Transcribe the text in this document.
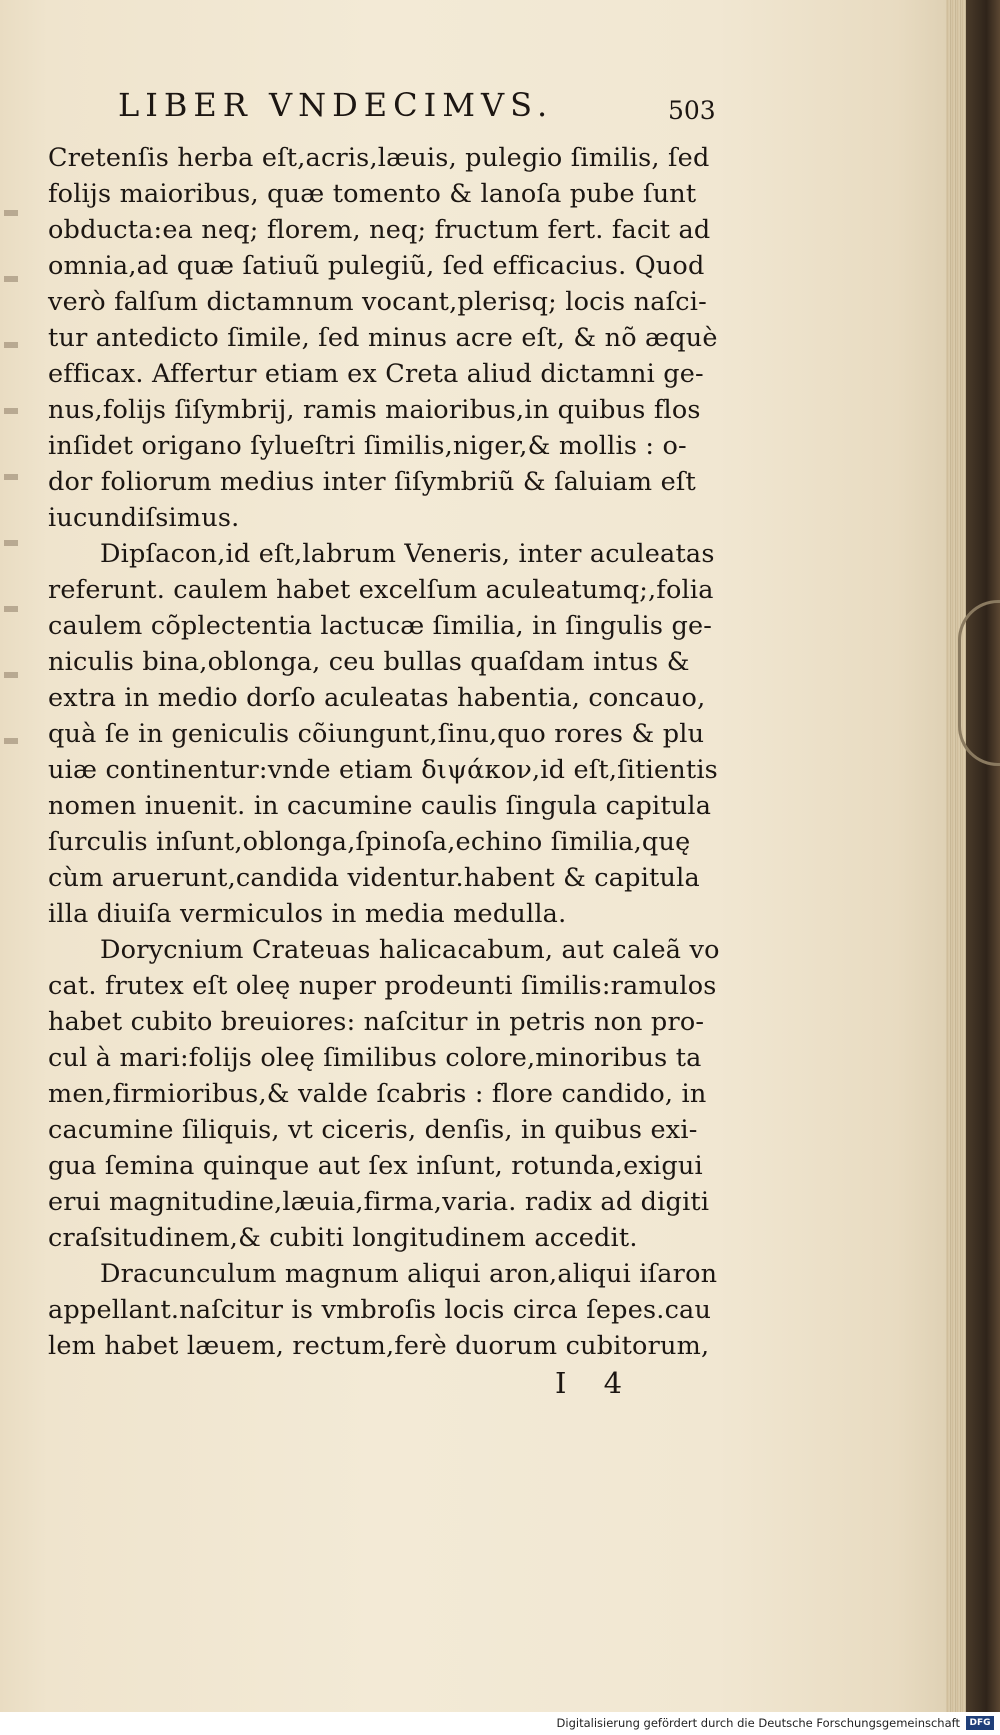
LIBER VNDECIMVS.	503
Cretenſis herba eſt,acris,læuis, pulegio ſimilis, ſed
folijs maioribus, quæ tomento & lanoſa pube ſunt
obducta:ea neq; florem, neq; fructum fert. facit ad
omnia,ad quæ ſatiuũ pulegiũ, ſed efficacius. Quod
verò falſum dictamnum vocant,plerisq; locis naſci-
tur antedicto ſimile, ſed minus acre eſt, & nõ æquè
efficax. Affertur etiam ex Creta aliud dictamni ge-
nus,folijs ſiſymbrij, ramis maioribus,in quibus flos
inſidet origano ſylueſtri ſimilis,niger,& mollis : o-
dor foliorum medius inter ſiſymbriũ & ſaluiam eſt
iucundiſsimus.
Dipſacon,id eſt,labrum Veneris, inter aculeatas
referunt. caulem habet excelſum aculeatumq;,folia
caulem cõplectentia lactucæ ſimilia, in ſingulis ge-
niculis bina,oblonga, ceu bullas quaſdam intus &
extra in medio dorſo aculeatas habentia, concauo,
quà ſe in geniculis cõiungunt,ſinu,quo rores & plu
uiæ continentur:vnde etiam διψάκον,id eſt,ſitientis
nomen inuenit. in cacumine caulis ſingula capitula
ſurculis inſunt,oblonga,ſpinoſa,echino ſimilia,quę
cùm aruerunt,candida videntur.habent & capitula
illa diuiſa vermiculos in media medulla.
Dorycnium Crateuas halicacabum, aut caleã vo
cat. frutex eſt oleę nuper prodeunti ſimilis:ramulos
habet cubito breuiores: naſcitur in petris non pro-
cul à mari:folijs oleę ſimilibus colore,minoribus ta
men,firmioribus,& valde ſcabris : flore candido, in
cacumine ſiliquis, vt ciceris, denſis, in quibus exi-
gua ſemina quinque aut ſex inſunt, rotunda,exigui
erui magnitudine,læuia,firma,varia. radix ad digiti
craſsitudinem,& cubiti longitudinem accedit.
Dracunculum magnum aliqui aron,aliqui iſaron
appellant.naſcitur is vmbroſis locis circa ſepes.cau
lem habet læuem, rectum,ferè duorum cubitorum,
I 4
Digitalisierung gefördert durch die Deutsche Forschungsgemeinschaft	DFG
